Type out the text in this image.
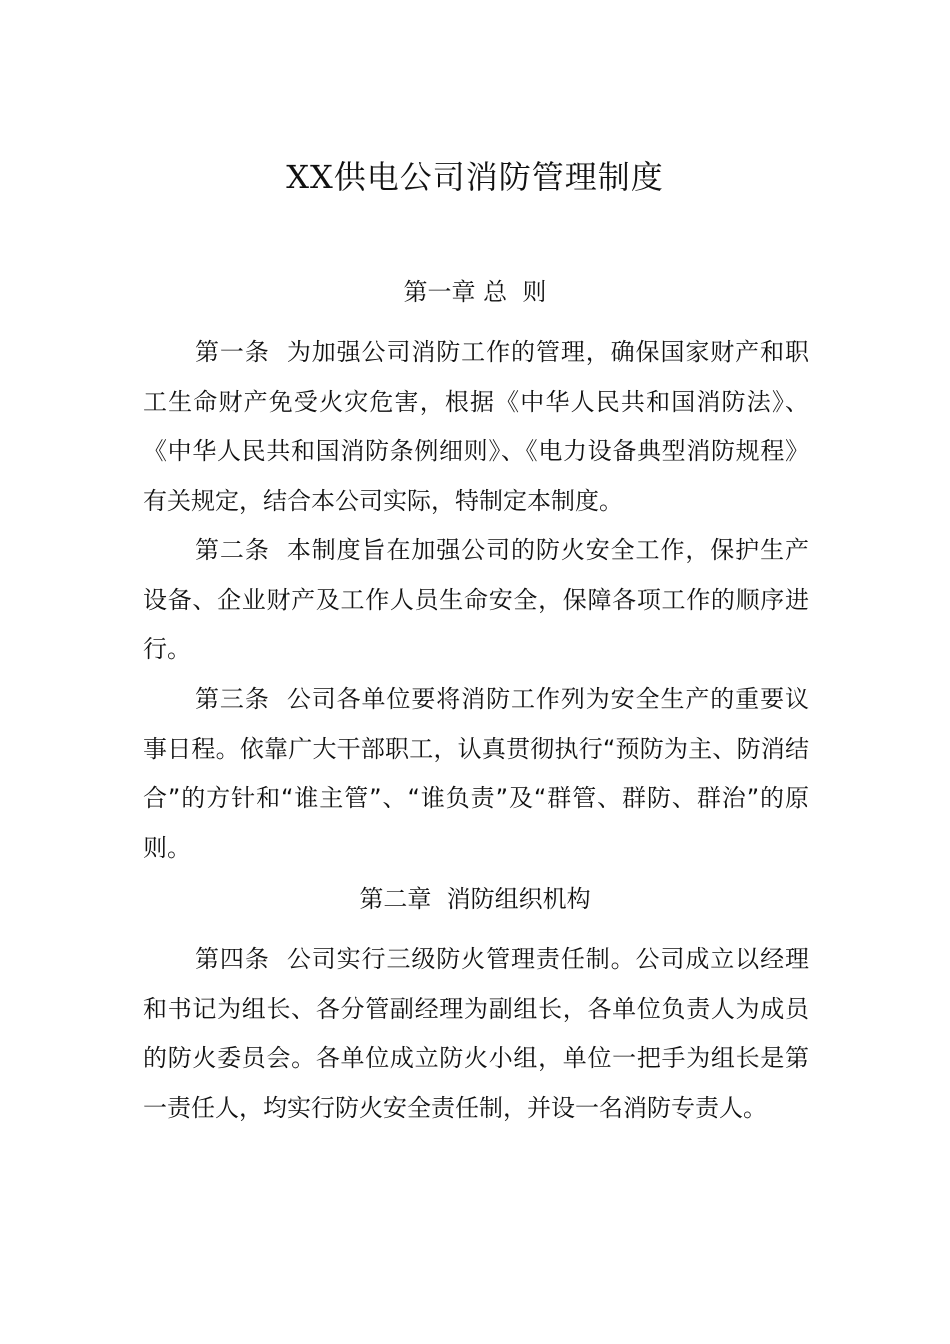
XX供电公司消防管理制度
第一章 总  则

第一条 为加强公司消防工作的管理，确保国家财产和职工生命财产免受火灾危害，根据《中华人民共和国消防法》、《中华人民共和国消防条例细则》、《电力设备典型消防规程》有关规定，结合本公司实际，特制定本制度。

第二条 本制度旨在加强公司的防火安全工作，保护生产设备、企业财产及工作人员生命安全，保障各项工作的顺序进行。

第三条 公司各单位要将消防工作列为安全生产的重要议事日程。依靠广大干部职工，认真贯彻执行“预防为主、防消结合”的方针和“谁主管”、“谁负责”及“群管、群防、群治”的原则。

第二章  消防组织机构

第四条 公司实行三级防火管理责任制。公司成立以经理和书记为组长、各分管副经理为副组长，各单位负责人为成员的防火委员会。各单位成立防火小组，单位一把手为组长是第一责任人，均实行防火安全责任制，并设一名消防专责人。
